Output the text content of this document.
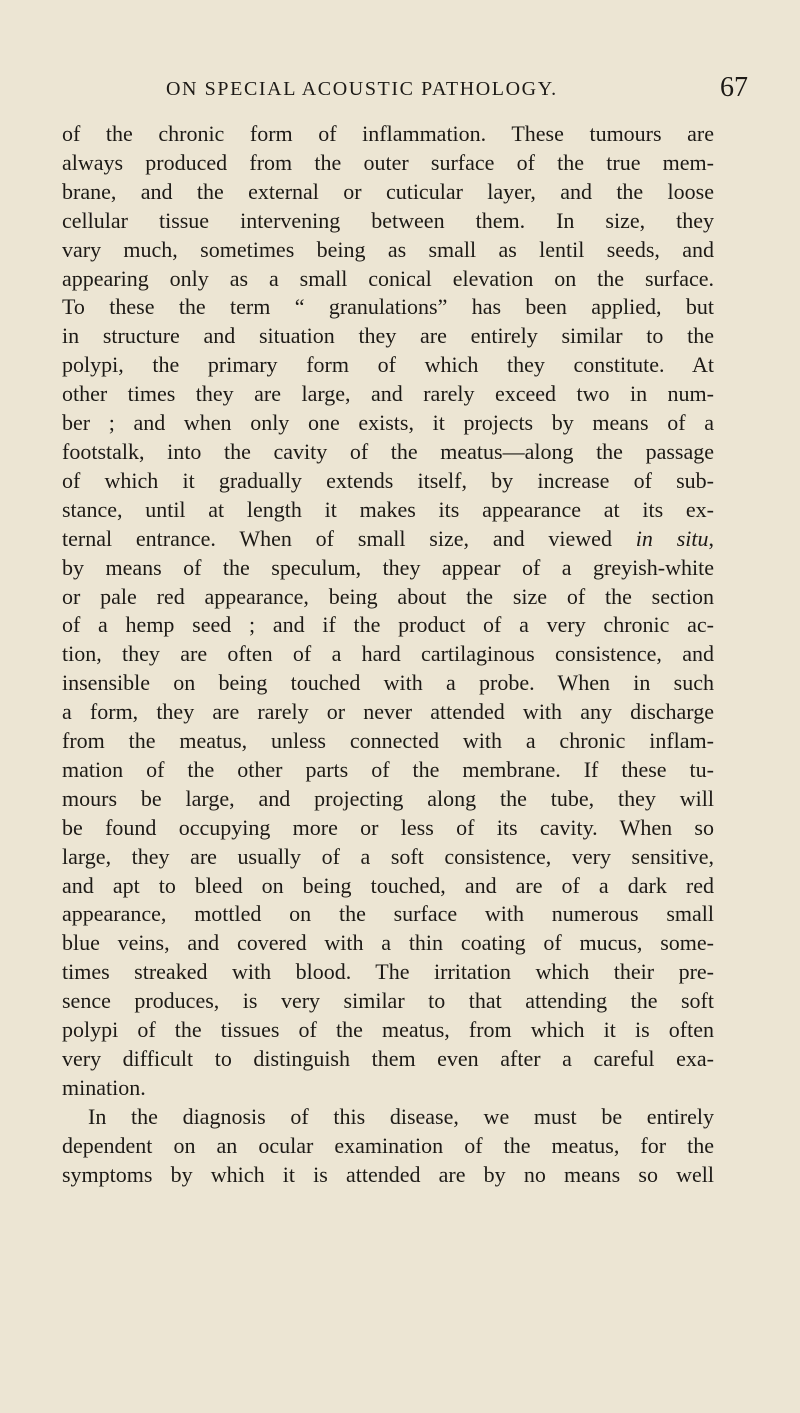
ON SPECIAL ACOUSTIC PATHOLOGY.	67
of the chronic form of inflammation. These tumours are
always produced from the outer surface of the true mem-
brane, and the external or cuticular layer, and the loose
cellular tissue intervening between them. In size, they
vary much, sometimes being as small as lentil seeds, and
appearing only as a small conical elevation on the surface.
To these the term “ granulations” has been applied, but
in structure and situation they are entirely similar to the
polypi, the primary form of which they constitute. At
other times they are large, and rarely exceed two in num-
ber ; and when only one exists, it projects by means of a
footstalk, into the cavity of the meatus—along the passage
of which it gradually extends itself, by increase of sub-
stance, until at length it makes its appearance at its ex-
ternal entrance. When of small size, and viewed in situ,
by means of the speculum, they appear of a greyish-white
or pale red appearance, being about the size of the section
of a hemp seed ; and if the product of a very chronic ac-
tion, they are often of a hard cartilaginous consistence, and
insensible on being touched with a probe. When in such
a form, they are rarely or never attended with any discharge
from the meatus, unless connected with a chronic inflam-
mation of the other parts of the membrane. If these tu-
mours be large, and projecting along the tube, they will
be found occupying more or less of its cavity. When so
large, they are usually of a soft consistence, very sensitive,
and apt to bleed on being touched, and are of a dark red
appearance, mottled on the surface with numerous small
blue veins, and covered with a thin coating of mucus, some-
times streaked with blood. The irritation which their pre-
sence produces, is very similar to that attending the soft
polypi of the tissues of the meatus, from which it is often
very difficult to distinguish them even after a careful exa-
mination.
In the diagnosis of this disease, we must be entirely
dependent on an ocular examination of the meatus, for the
symptoms by which it is attended are by no means so well
